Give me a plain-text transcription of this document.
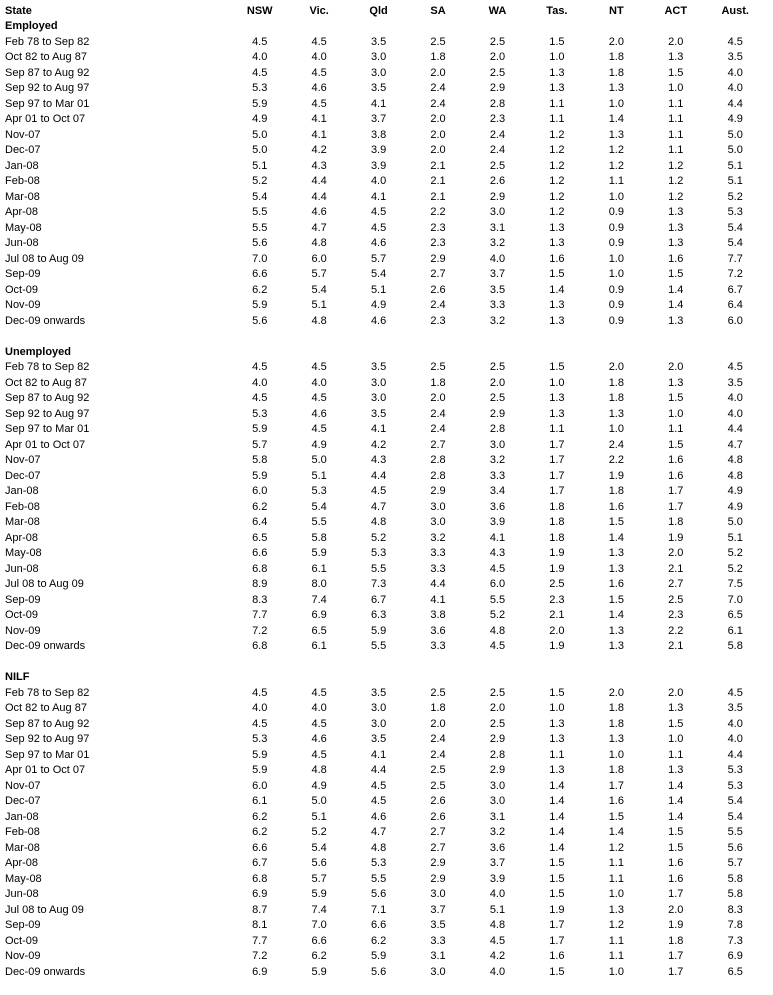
State	NSW	Vic.	Qld	SA	WA	Tas.	NT	ACT	Aust.
Employed
Feb 78 to Sep 82	4.5	4.5	3.5	2.5	2.5	1.5	2.0	2.0	4.5
Oct 82 to Aug 87	4.0	4.0	3.0	1.8	2.0	1.0	1.8	1.3	3.5
Sep 87 to Aug 92	4.5	4.5	3.0	2.0	2.5	1.3	1.8	1.5	4.0
Sep 92 to Aug 97	5.3	4.6	3.5	2.4	2.9	1.3	1.3	1.0	4.0
Sep 97 to Mar 01	5.9	4.5	4.1	2.4	2.8	1.1	1.0	1.1	4.4
Apr 01 to Oct 07	4.9	4.1	3.7	2.0	2.3	1.1	1.4	1.1	4.9
Nov-07	5.0	4.1	3.8	2.0	2.4	1.2	1.3	1.1	5.0
Dec-07	5.0	4.2	3.9	2.0	2.4	1.2	1.2	1.1	5.0
Jan-08	5.1	4.3	3.9	2.1	2.5	1.2	1.2	1.2	5.1
Feb-08	5.2	4.4	4.0	2.1	2.6	1.2	1.1	1.2	5.1
Mar-08	5.4	4.4	4.1	2.1	2.9	1.2	1.0	1.2	5.2
Apr-08	5.5	4.6	4.5	2.2	3.0	1.2	0.9	1.3	5.3
May-08	5.5	4.7	4.5	2.3	3.1	1.3	0.9	1.3	5.4
Jun-08	5.6	4.8	4.6	2.3	3.2	1.3	0.9	1.3	5.4
Jul 08 to Aug 09	7.0	6.0	5.7	2.9	4.0	1.6	1.0	1.6	7.7
Sep-09	6.6	5.7	5.4	2.7	3.7	1.5	1.0	1.5	7.2
Oct-09	6.2	5.4	5.1	2.6	3.5	1.4	0.9	1.4	6.7
Nov-09	5.9	5.1	4.9	2.4	3.3	1.3	0.9	1.4	6.4
Dec-09 onwards	5.6	4.8	4.6	2.3	3.2	1.3	0.9	1.3	6.0
Unemployed
Feb 78 to Sep 82	4.5	4.5	3.5	2.5	2.5	1.5	2.0	2.0	4.5
Oct 82 to Aug 87	4.0	4.0	3.0	1.8	2.0	1.0	1.8	1.3	3.5
Sep 87 to Aug 92	4.5	4.5	3.0	2.0	2.5	1.3	1.8	1.5	4.0
Sep 92 to Aug 97	5.3	4.6	3.5	2.4	2.9	1.3	1.3	1.0	4.0
Sep 97 to Mar 01	5.9	4.5	4.1	2.4	2.8	1.1	1.0	1.1	4.4
Apr 01 to Oct 07	5.7	4.9	4.2	2.7	3.0	1.7	2.4	1.5	4.7
Nov-07	5.8	5.0	4.3	2.8	3.2	1.7	2.2	1.6	4.8
Dec-07	5.9	5.1	4.4	2.8	3.3	1.7	1.9	1.6	4.8
Jan-08	6.0	5.3	4.5	2.9	3.4	1.7	1.8	1.7	4.9
Feb-08	6.2	5.4	4.7	3.0	3.6	1.8	1.6	1.7	4.9
Mar-08	6.4	5.5	4.8	3.0	3.9	1.8	1.5	1.8	5.0
Apr-08	6.5	5.8	5.2	3.2	4.1	1.8	1.4	1.9	5.1
May-08	6.6	5.9	5.3	3.3	4.3	1.9	1.3	2.0	5.2
Jun-08	6.8	6.1	5.5	3.3	4.5	1.9	1.3	2.1	5.2
Jul 08 to Aug 09	8.9	8.0	7.3	4.4	6.0	2.5	1.6	2.7	7.5
Sep-09	8.3	7.4	6.7	4.1	5.5	2.3	1.5	2.5	7.0
Oct-09	7.7	6.9	6.3	3.8	5.2	2.1	1.4	2.3	6.5
Nov-09	7.2	6.5	5.9	3.6	4.8	2.0	1.3	2.2	6.1
Dec-09 onwards	6.8	6.1	5.5	3.3	4.5	1.9	1.3	2.1	5.8
NILF
Feb 78 to Sep 82	4.5	4.5	3.5	2.5	2.5	1.5	2.0	2.0	4.5
Oct 82 to Aug 87	4.0	4.0	3.0	1.8	2.0	1.0	1.8	1.3	3.5
Sep 87 to Aug 92	4.5	4.5	3.0	2.0	2.5	1.3	1.8	1.5	4.0
Sep 92 to Aug 97	5.3	4.6	3.5	2.4	2.9	1.3	1.3	1.0	4.0
Sep 97 to Mar 01	5.9	4.5	4.1	2.4	2.8	1.1	1.0	1.1	4.4
Apr 01 to Oct 07	5.9	4.8	4.4	2.5	2.9	1.3	1.8	1.3	5.3
Nov-07	6.0	4.9	4.5	2.5	3.0	1.4	1.7	1.4	5.3
Dec-07	6.1	5.0	4.5	2.6	3.0	1.4	1.6	1.4	5.4
Jan-08	6.2	5.1	4.6	2.6	3.1	1.4	1.5	1.4	5.4
Feb-08	6.2	5.2	4.7	2.7	3.2	1.4	1.4	1.5	5.5
Mar-08	6.6	5.4	4.8	2.7	3.6	1.4	1.2	1.5	5.6
Apr-08	6.7	5.6	5.3	2.9	3.7	1.5	1.1	1.6	5.7
May-08	6.8	5.7	5.5	2.9	3.9	1.5	1.1	1.6	5.8
Jun-08	6.9	5.9	5.6	3.0	4.0	1.5	1.0	1.7	5.8
Jul 08 to Aug 09	8.7	7.4	7.1	3.7	5.1	1.9	1.3	2.0	8.3
Sep-09	8.1	7.0	6.6	3.5	4.8	1.7	1.2	1.9	7.8
Oct-09	7.7	6.6	6.2	3.3	4.5	1.7	1.1	1.8	7.3
Nov-09	7.2	6.2	5.9	3.1	4.2	1.6	1.1	1.7	6.9
Dec-09 onwards	6.9	5.9	5.6	3.0	4.0	1.5	1.0	1.7	6.5
